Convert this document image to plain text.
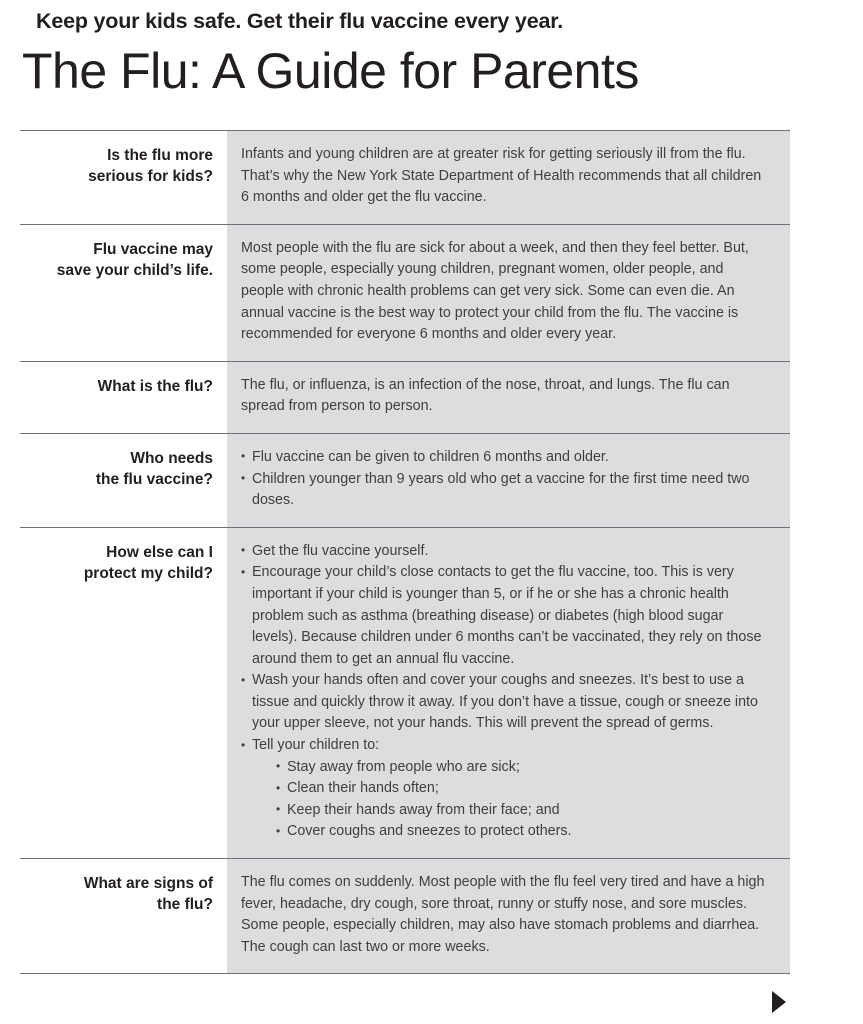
Keep your kids safe. Get their flu vaccine every year.
The Flu: A Guide for Parents
Is the flu more
serious for kids?

Infants and young children are at greater risk for getting seriously ill from the flu. That’s why the New York State Department of Health recommends that all children 6 months and older get the flu vaccine.

Flu vaccine may
save your child’s life.

Most people with the flu are sick for about a week, and then they feel better. But, some people, especially young children, pregnant women, older people, and people with chronic health problems can get very sick. Some can even die. An annual vaccine is the best way to protect your child from the flu. The vaccine is recommended for everyone 6 months and older every year.

What is the flu? The flu, or influenza, is an infection of the nose, throat, and lungs. The flu can spread from person to person.

Who needs
the flu vaccine?
• Flu vaccine can be given to children 6 months and older.
• Children younger than 9 years old who get a vaccine for the first time need two doses.
How else can I
protect my child?
• Get the flu vaccine yourself.
• Encourage your child’s close contacts to get the flu vaccine, too. This is very important if your child is younger than 5, or if he or she has a chronic health problem such as asthma (breathing disease) or diabetes (high blood sugar levels). Because children under 6 months can’t be vaccinated, they rely on those around them to get an annual flu vaccine.
• Wash your hands often and cover your coughs and sneezes. It’s best to use a tissue and quickly throw it away. If you don’t have a tissue, cough or sneeze into your upper sleeve, not your hands. This will prevent the spread of germs.
• Tell your children to:
• Stay away from people who are sick;
• Clean their hands often;
• Keep their hands away from their face; and
• Cover coughs and sneezes to protect others.
What are signs of
the flu?

The flu comes on suddenly. Most people with the flu feel very tired and have a high fever, headache, dry cough, sore throat, runny or stuffy nose, and sore muscles. Some people, especially children, may also have stomach problems and diarrhea. The cough can last two or more weeks.
